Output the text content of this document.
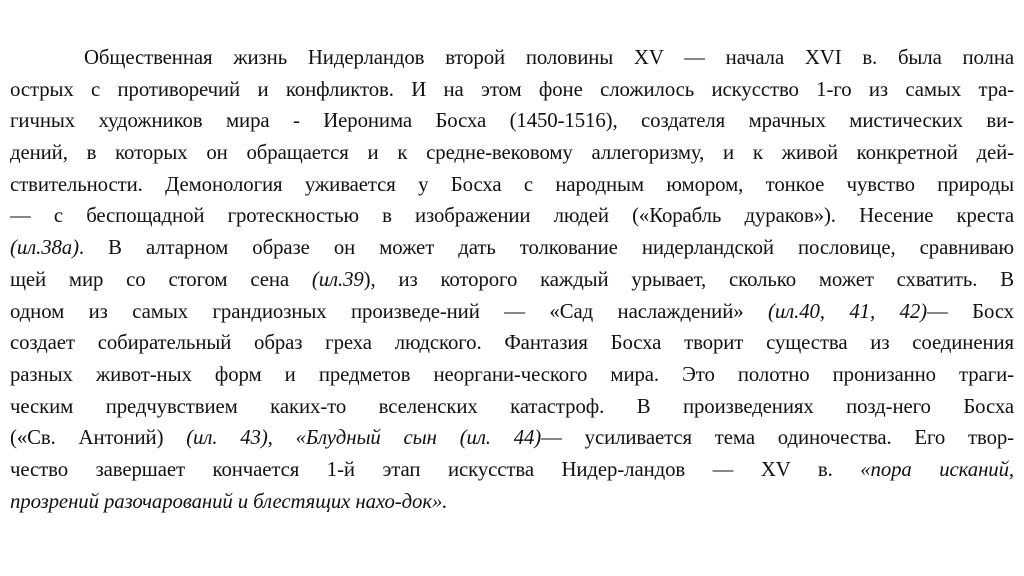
Общественная жизнь Нидерландов второй половины XV — начала XVI в. была полна
острых с противоречий и конфликтов. И на этом фоне сложилось искусство 1-го из самых тра-
гичных художников мира - Иеронима Босха (1450-1516), создателя мрачных мистических ви-
дений, в которых он обращается и к средне-вековому аллегоризму, и к живой конкретной дей-
ствительности. Демонология уживается у Босха с народным юмором, тонкое чувство природы
— с беспощадной гротескностью в изображении людей («Корабль дураков»). Несение креста
(ил.38а). В алтарном образе он может дать толкование нидерландской пословице, сравниваю
щей мир со стогом сена (ил.39), из которого каждый урывает, сколько может схватить. В
одном из самых грандиозных произведе-ний — «Сад наслаждений» (ил.40, 41, 42)— Босх
создает собирательный образ греха людского. Фантазия Босха творит существа из соединения
разных живот-ных форм и предметов неоргани-ческого мира. Это полотно пронизанно траги-
ческим предчувствием каких-то вселенских катастроф. В произведениях позд-него Босха
(«Св. Антоний) (ил. 43), «Блудный сын (ил. 44)— усиливается тема одиночества. Его твор-
чество завершает кончается 1-й этап искусства Нидер-ландов — XV в. «пора исканий,
прозрений разочарований и блестящих нахо-док».
